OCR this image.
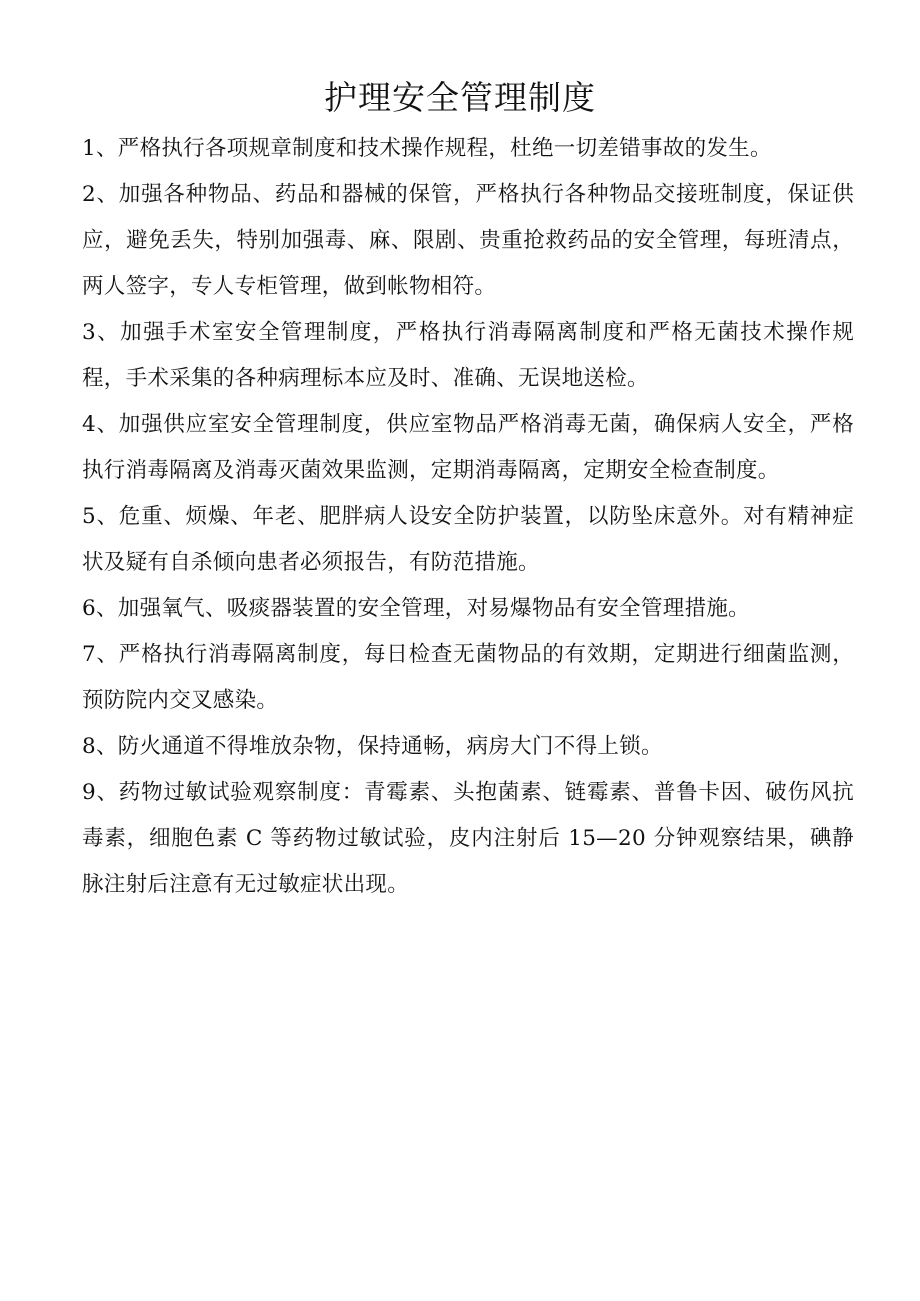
护理安全管理制度

1、严格执行各项规章制度和技术操作规程，杜绝一切差错事故的发生。

2、加强各种物品、药品和器械的保管，严格执行各种物品交接班制度，保证供应，避免丢失，特别加强毒、麻、限剧、贵重抢救药品的安全管理，每班清点，两人签字，专人专柜管理，做到帐物相符。

3、加强手术室安全管理制度，严格执行消毒隔离制度和严格无菌技术操作规程，手术采集的各种病理标本应及时、准确、无误地送检。

4、加强供应室安全管理制度，供应室物品严格消毒无菌，确保病人安全，严格执行消毒隔离及消毒灭菌效果监测，定期消毒隔离，定期安全检查制度。

5、危重、烦燥、年老、肥胖病人设安全防护装置，以防坠床意外。对有精神症状及疑有自杀倾向患者必须报告，有防范措施。

6、加强氧气、吸痰器装置的安全管理，对易爆物品有安全管理措施。

7、严格执行消毒隔离制度，每日检查无菌物品的有效期，定期进行细菌监测，预防院内交叉感染。

8、防火通道不得堆放杂物，保持通畅，病房大门不得上锁。

9、药物过敏试验观察制度：青霉素、头抱菌素、链霉素、普鲁卡因、破伤风抗毒素，细胞色素 C 等药物过敏试验，皮内注射后 15—20 分钟观察结果，碘静脉注射后注意有无过敏症状出现。
